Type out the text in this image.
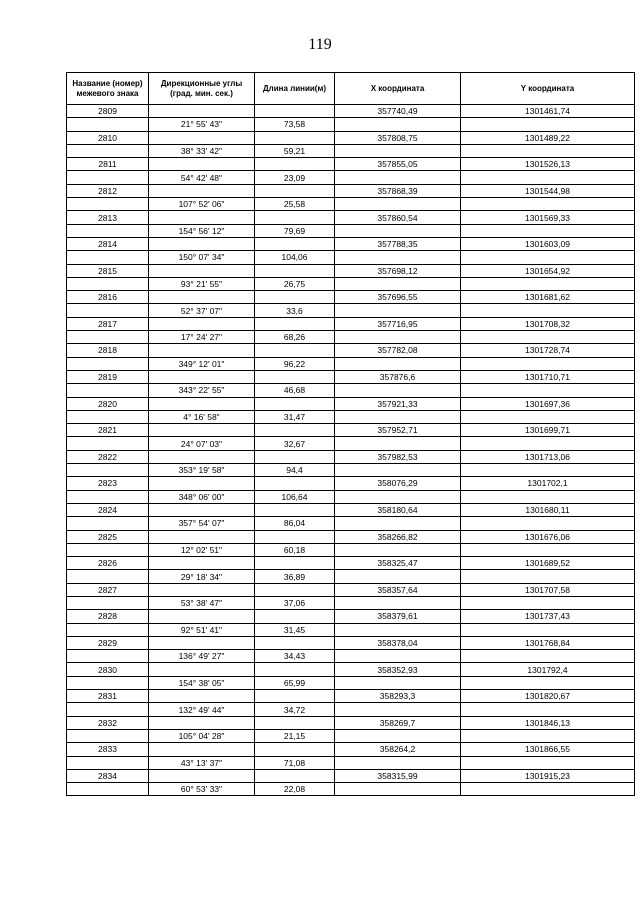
119
Название (номер) межевого знака	Дирекционные углы (град. мин. сек.)	Длина линии(м)	X координата	Y координата
2809			357740,49	1301461,74
	21° 55' 43"	73,58		
2810			357808,75	1301489,22
	38° 33' 42"	59,21		
2811			357855,05	1301526,13
	54° 42' 48"	23,09		
2812			357868,39	1301544,98
	107° 52' 06"	25,58		
2813			357860,54	1301569,33
	154° 56' 12"	79,69		
2814			357788,35	1301603,09
	150° 07' 34"	104,06		
2815			357698,12	1301654,92
	93° 21' 55"	26,75		
2816			357696,55	1301681,62
	52° 37' 07"	33,6		
2817			357716,95	1301708,32
	17° 24' 27"	68,26		
2818			357782,08	1301728,74
	349° 12' 01"	96,22		
2819			357876,6	1301710,71
	343° 22' 55"	46,68		
2820			357921,33	1301697,36
	4° 16' 58"	31,47		
2821			357952,71	1301699,71
	24° 07' 03"	32,67		
2822			357982,53	1301713,06
	353° 19' 58"	94,4		
2823			358076,29	1301702,1
	348° 06' 00"	106,64		
2824			358180,64	1301680,11
	357° 54' 07"	86,04		
2825			358266,82	1301676,06
	12° 02' 51"	60,18		
2826			358325,47	1301689,52
	29° 18' 34"	36,89		
2827			358357,64	1301707,58
	53° 38' 47"	37,06		
2828			358379,61	1301737,43
	92° 51' 41"	31,45		
2829			358378,04	1301768,84
	136° 49' 27"	34,43		
2830			358352,93	1301792,4
	154° 38' 05"	65,99		
2831			358293,3	1301820,67
	132° 49' 44"	34,72		
2832			358269,7	1301846,13
	105° 04' 28"	21,15		
2833			358264,2	1301866,55
	43° 13' 37"	71,08		
2834			358315,99	1301915,23
	60° 53' 33"	22,08		
